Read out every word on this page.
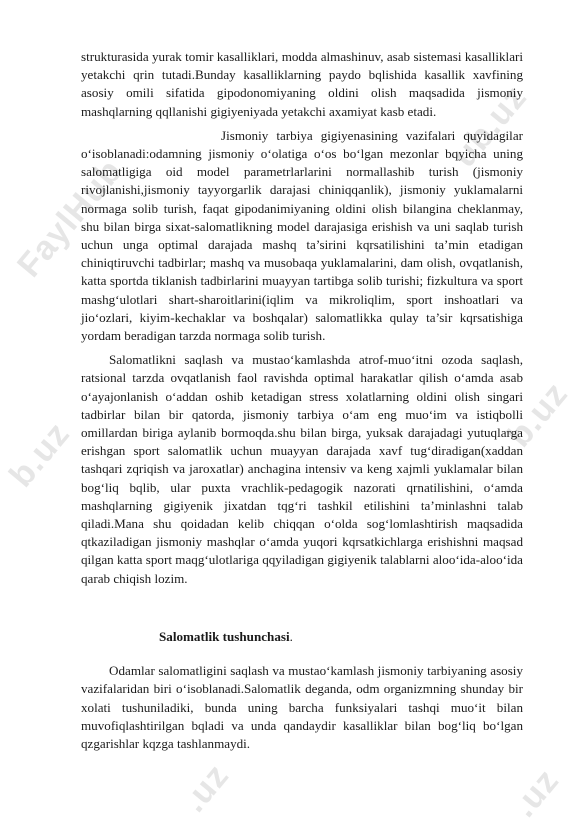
FaylHub
ub.uz
b.uz
b.uz
.uz	.uz

strukturasida yurak tomir kasalliklari, modda almashinuv, asab sistemasi kasalliklari yetakchi qrin tutadi.Bunday kasalliklarning paydo bqlishida kasallik xavfining asosiy omili sifatida gipodonomiyaning oldini olish maqsadida jismoniy mashqlarning qqllanishi gigiyeniyada yetakchi axamiyat kasb etadi.

Jismoniy tarbiya gigiyenasining vazifalari quyidagilar o‘isoblanadi:odamning jismoniy o‘olatiga o‘os bo‘lgan mezonlar bqyicha uning salomatligiga oid model parametrlarlarini normallashib turish (jismoniy rivojlanishi,jismoniy tayyorgarlik darajasi chiniqqanlik), jismoniy yuklamalarni normaga solib turish, faqat gipodanimiyaning oldini olish bilangina cheklanmay, shu bilan birga sixat-salomatlikning model darajasiga erishish va uni saqlab turish uchun unga optimal darajada mashq ta’sirini kqrsatilishini ta’min etadigan chiniqtiruvchi tadbirlar; mashq va musobaqa yuklamalarini, dam olish, ovqatlanish, katta sportda tiklanish tadbirlarini muayyan tartibga solib turishi; fizkultura va sport mashg‘ulotlari shart-sharoitlarini(iqlim va mikroliqlim, sport inshoatlari va jio‘ozlari, kiyim-kechaklar va boshqalar) salomatlikka qulay ta’sir kqrsatishiga yordam beradigan tarzda normaga solib turish.

Salomatlikni saqlash va mustao‘kamlashda atrof-muo‘itni ozoda saqlash, ratsional tarzda ovqatlanish faol ravishda optimal harakatlar qilish o‘amda asab o‘ayajonlanish o‘addan oshib ketadigan stress xolatlarning oldini olish singari tadbirlar bilan bir qatorda, jismoniy tarbiya o‘am eng muo‘im va istiqbolli omillardan biriga aylanib bormoqda.shu bilan birga, yuksak darajadagi yutuqlarga erishgan sport salomatlik uchun muayyan darajada xavf tug‘diradigan(xaddan tashqari zqriqish va jaroxatlar) anchagina intensiv va keng xajmli yuklamalar bilan bog‘liq bqlib, ular puxta vrachlik-pedagogik nazorati qrnatilishini, o‘amda mashqlarning gigiyenik jixatdan tqg‘ri tashkil etilishini ta’minlashni talab qiladi.Mana shu qoidadan kelib chiqqan o‘olda sog‘lomlashtirish maqsadida qtkaziladigan jismoniy mashqlar o‘amda yuqori kqrsatkichlarga erishishni maqsad qilgan katta sport maqg‘ulotlariga qqyiladigan gigiyenik talablarni aloo‘ida-aloo‘ida qarab chiqish lozim.

Salomatlik tushunchasi.

Odamlar salomatligini saqlash va mustao‘kamlash jismoniy tarbiyaning asosiy vazifalaridan biri o‘isoblanadi.Salomatlik deganda, odm organizmning shunday bir xolati tushuniladiki, bunda uning barcha funksiyalari tashqi muo‘it bilan muvofiqlashtirilgan bqladi va unda qandaydir kasalliklar bilan bog‘liq bo‘lgan qzgarishlar kqzga tashlanmaydi.
